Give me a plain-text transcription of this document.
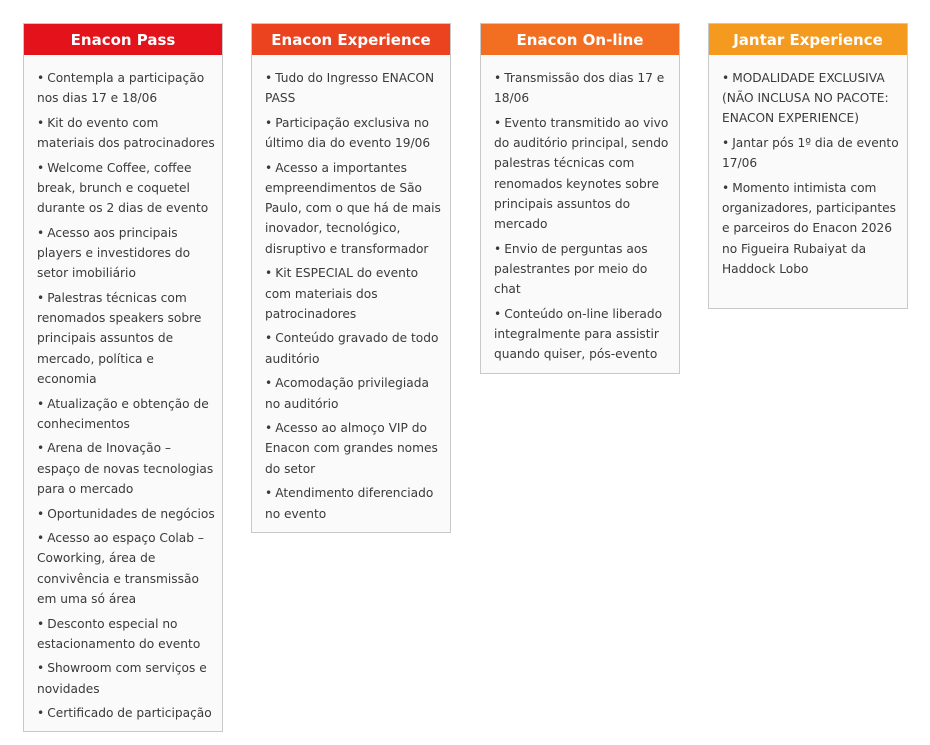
Enacon Pass
• Contempla a participação nos dias 17 e 18/06
• Kit do evento com materiais dos patrocinadores
• Welcome Coffee, coffee break, brunch e coquetel durante os 2 dias de evento
• Acesso aos principais players e investidores do setor imobiliário
• Palestras técnicas com renomados speakers sobre principais assuntos de mercado, política e economia
• Atualização e obtenção de conhecimentos
• Arena de Inovação – espaço de novas tecnologias para o mercado
• Oportunidades de negócios
• Acesso ao espaço Colab – Coworking, área de convivência e transmissão em uma só área
• Desconto especial no estacionamento do evento
• Showroom com serviços e novidades
• Certificado de participação
Enacon Experience
• Tudo do Ingresso ENACON PASS
• Participação exclusiva no último dia do evento 19/06
• Acesso a importantes empreendimentos de São Paulo, com o que há de mais inovador, tecnológico, disruptivo e transformador
• Kit ESPECIAL do evento com materiais dos patrocinadores
• Conteúdo gravado de todo auditório
• Acomodação privilegiada no auditório
• Acesso ao almoço VIP do Enacon com grandes nomes do setor
• Atendimento diferenciado no evento
Enacon On-line
• Transmissão dos dias 17 e 18/06
• Evento transmitido ao vivo do auditório principal, sendo palestras técnicas com renomados keynotes sobre principais assuntos do mercado
• Envio de perguntas aos palestrantes por meio do chat
• Conteúdo on-line liberado integralmente para assistir quando quiser, pós-evento
Jantar Experience
• MODALIDADE EXCLUSIVA (NÃO INCLUSA NO PACOTE: ENACON EXPERIENCE)
• Jantar pós 1º dia de evento 17/06
• Momento intimista com organizadores, participantes e parceiros do Enacon 2026 no Figueira Rubaiyat da Haddock Lobo
